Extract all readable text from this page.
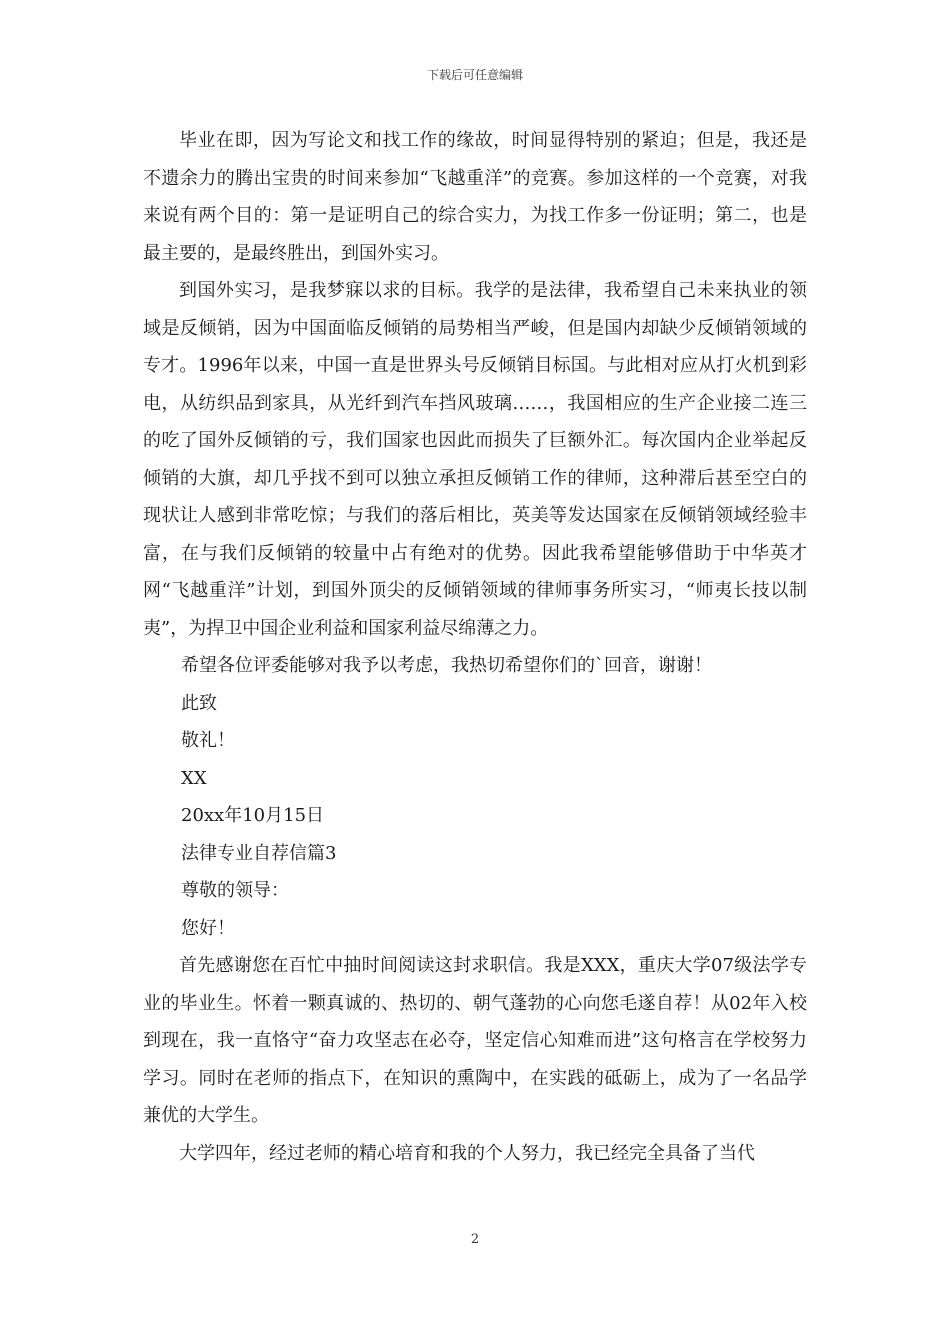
下载后可任意编辑

毕业在即，因为写论文和找工作的缘故，时间显得特别的紧迫；但是，我还是不遗余力的腾出宝贵的时间来参加“飞越重洋”的竞赛。参加这样的一个竞赛，对我来说有两个目的：第一是证明自己的综合实力，为找工作多一份证明；第二，也是最主要的，是最终胜出，到国外实习。

到国外实习，是我梦寐以求的目标。我学的是法律，我希望自己未来执业的领域是反倾销，因为中国面临反倾销的局势相当严峻，但是国内却缺少反倾销领域的专才。1996年以来，中国一直是世界头号反倾销目标国。与此相对应从打火机到彩电，从纺织品到家具，从光纤到汽车挡风玻璃……，我国相应的生产企业接二连三的吃了国外反倾销的亏，我们国家也因此而损失了巨额外汇。每次国内企业举起反倾销的大旗，却几乎找不到可以独立承担反倾销工作的律师，这种滞后甚至空白的现状让人感到非常吃惊；与我们的落后相比，英美等发达国家在反倾销领域经验丰富，在与我们反倾销的较量中占有绝对的优势。因此我希望能够借助于中华英才网“飞越重洋”计划，到国外顶尖的反倾销领域的律师事务所实习，“师夷长技以制夷”，为捍卫中国企业利益和国家利益尽绵薄之力。

希望各位评委能够对我予以考虑，我热切希望你们的`回音，谢谢！

此致

敬礼！

XX

20xx年10月15日

法律专业自荐信篇3

尊敬的领导：

您好！

首先感谢您在百忙中抽时间阅读这封求职信。我是XXX，重庆大学07级法学专业的毕业生。怀着一颗真诚的、热切的、朝气蓬勃的心向您毛遂自荐！从02年入校到现在，我一直恪守“奋力攻坚志在必夺，坚定信心知难而进”这句格言在学校努力学习。同时在老师的指点下，在知识的熏陶中，在实践的砥砺上，成为了一名品学兼优的大学生。

大学四年，经过老师的精心培育和我的个人努力，我已经完全具备了当代

2
